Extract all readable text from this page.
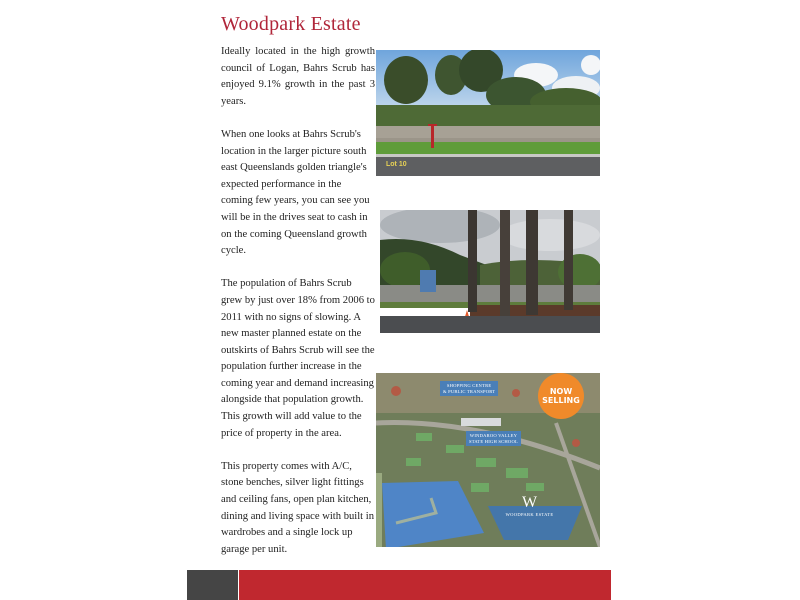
Woodpark Estate

Ideally located in the high growth council of Logan, Bahrs Scrub has enjoyed 9.1% growth in the past 3 years.

When one looks at Bahrs Scrub's location in the larger picture south east Queenslands golden triangle's expected performance in the coming few years, you can see you will be in the drives seat to cash in on the coming Queensland growth cycle.

The population of Bahrs Scrub grew by just over 18% from 2006 to 2011 with no signs of slowing. A new master planned estate on the outskirts of Bahrs Scrub will see the population further increase in the coming year and demand increasing alongside that population growth. This growth will add value to the price of property in the area.

This property comes with A/C, stone benches, silver light fittings and ceiling fans, open plan kitchen, dining and living space with built in wardrobes and a single lock up garage per unit.

Lot 10
SHOPPING CENTRE
& PUBLIC TRANSPORT
WINDAROO VALLEY
STATE HIGH SCHOOL
NOW
SELLING
W
WOODPARK ESTATE
